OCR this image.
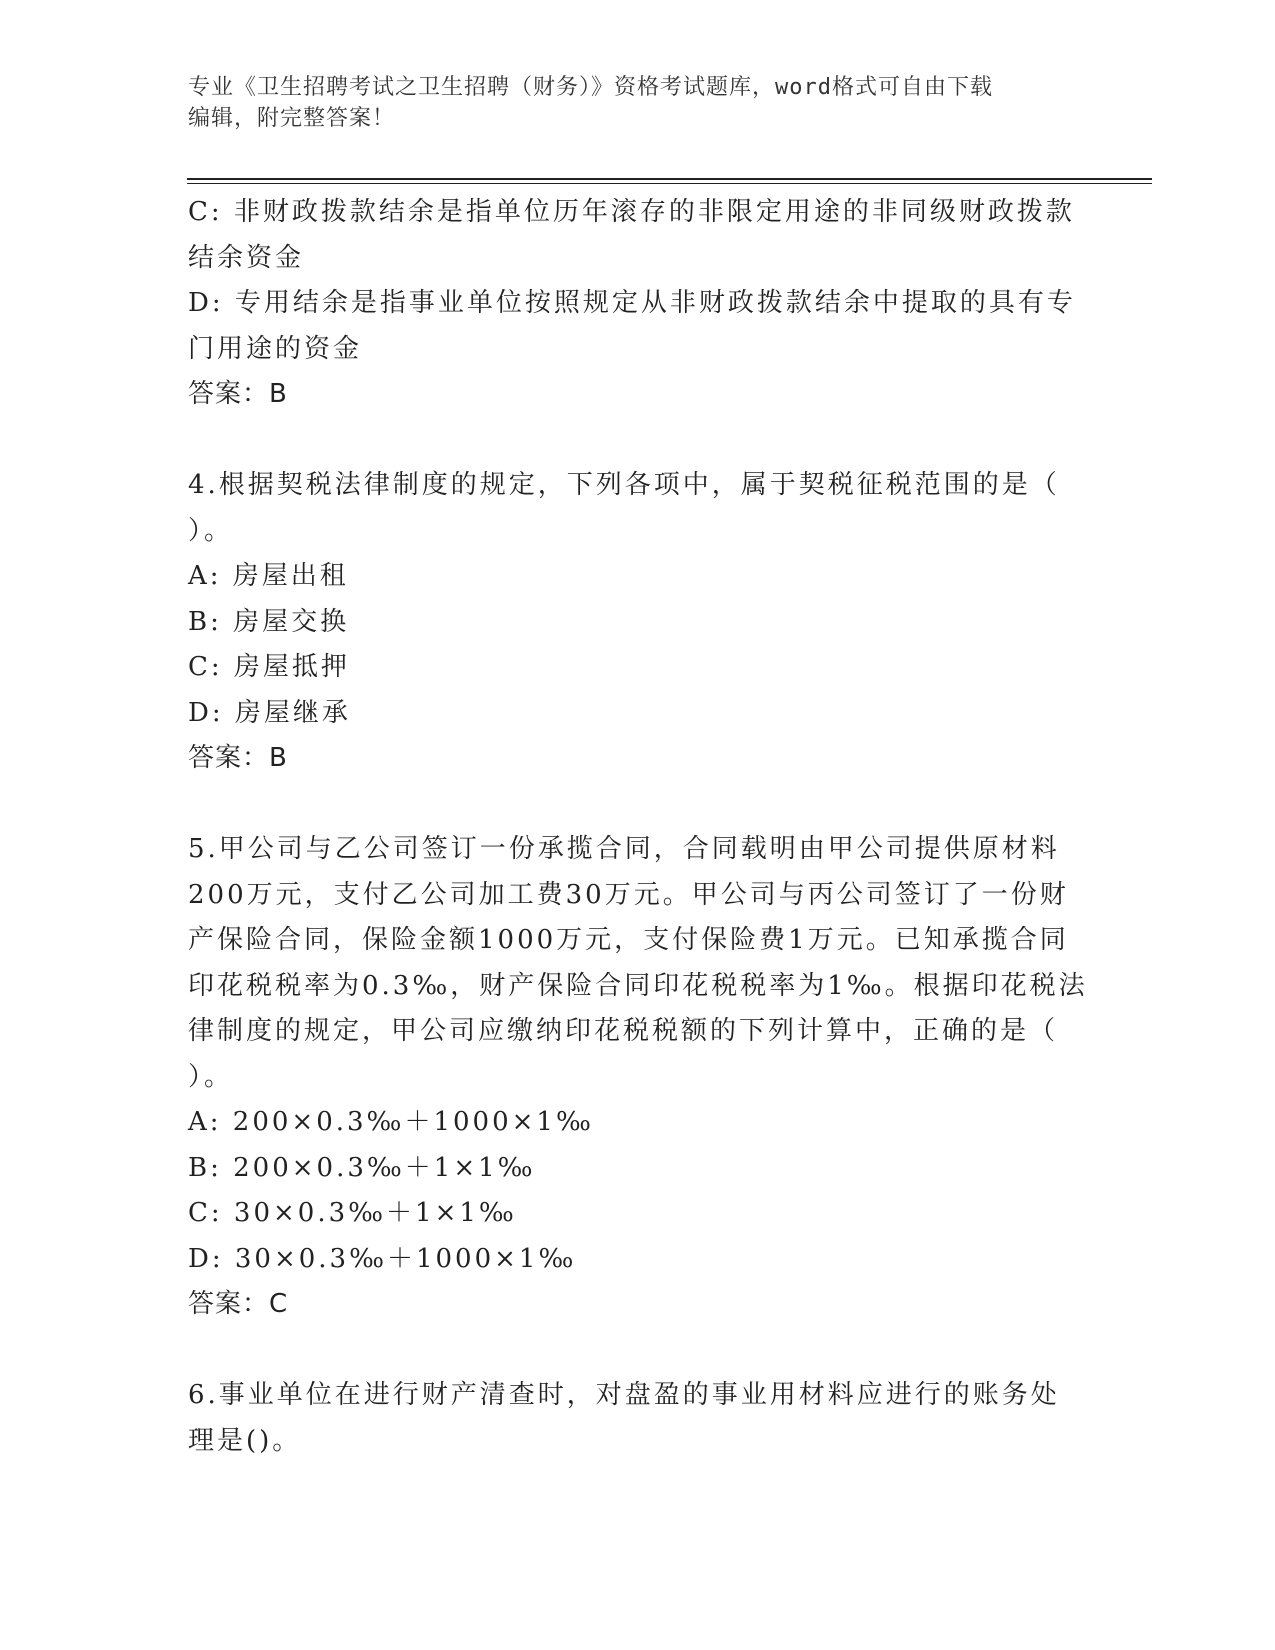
专业《卫生招聘考试之卫生招聘（财务）》资格考试题库，word格式可自由下载
编辑，附完整答案！
C: 非财政拨款结余是指单位历年滚存的非限定用途的非同级财政拨款
结余资金
D: 专用结余是指事业单位按照规定从非财政拨款结余中提取的具有专
门用途的资金
答案：B
4.根据契税法律制度的规定，下列各项中，属于契税征税范围的是（
）。
A: 房屋出租
B: 房屋交换
C: 房屋抵押
D: 房屋继承
答案：B
5.甲公司与乙公司签订一份承揽合同，合同载明由甲公司提供原材料
200万元，支付乙公司加工费30万元。甲公司与丙公司签订了一份财
产保险合同，保险金额1000万元，支付保险费1万元。已知承揽合同
印花税税率为0.3‰，财产保险合同印花税税率为1‰。根据印花税法
律制度的规定，甲公司应缴纳印花税税额的下列计算中，正确的是（
）。
A: 200×0.3‰＋1000×1‰
B: 200×0.3‰＋1×1‰
C: 30×0.3‰＋1×1‰
D: 30×0.3‰＋1000×1‰
答案：C
6.事业单位在进行财产清查时，对盘盈的事业用材料应进行的账务处
理是()。
